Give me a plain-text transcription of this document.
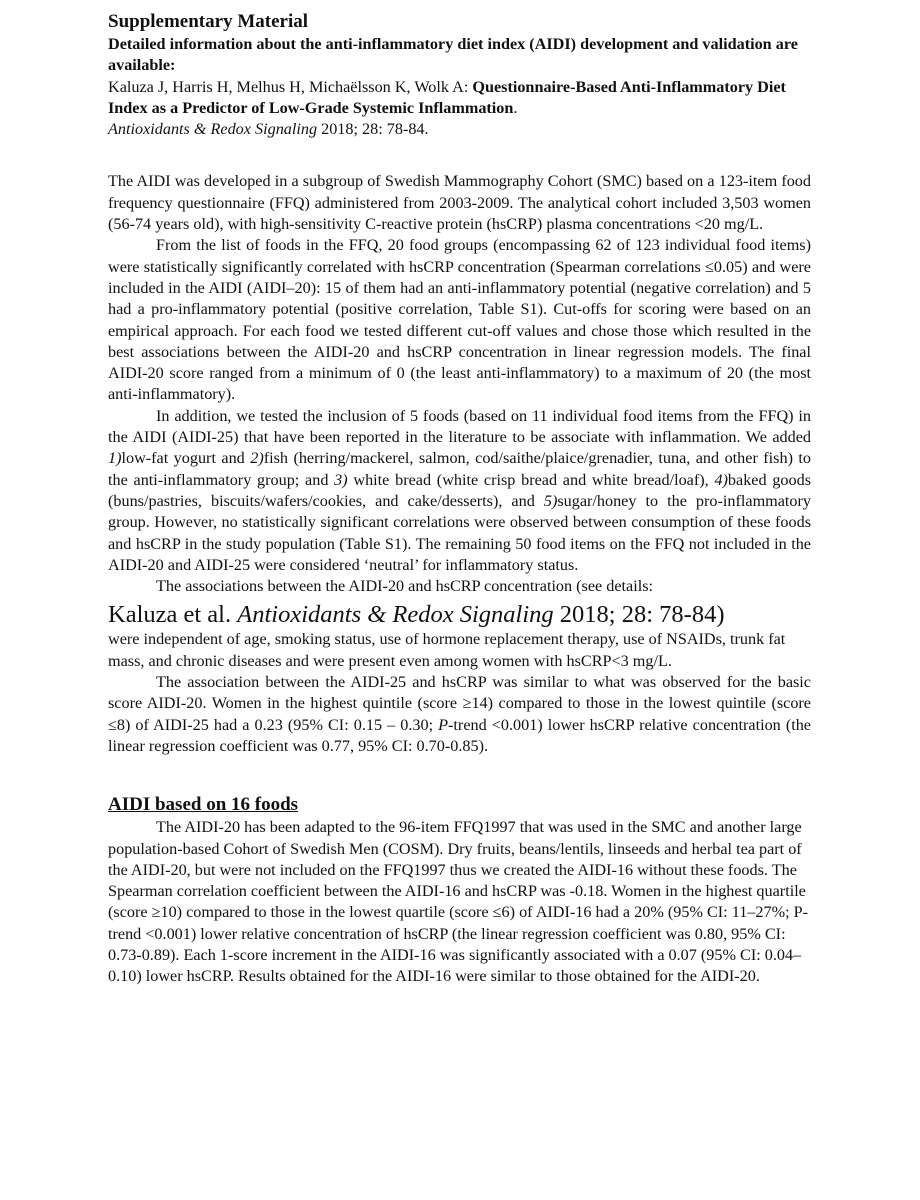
Supplementary Material

Detailed information about the anti-inflammatory diet index (AIDI) development and validation are available:

Kaluza J, Harris H, Melhus H, Michaëlsson K, Wolk A: Questionnaire-Based Anti-Inflammatory Diet Index as a Predictor of Low-Grade Systemic Inflammation.
Antioxidants & Redox Signaling 2018; 28: 78-84.

The AIDI was developed in a subgroup of Swedish Mammography Cohort (SMC) based on a 123-item food frequency questionnaire (FFQ) administered from 2003-2009. The analytical cohort included 3,503 women (56-74 years old), with high-sensitivity C-reactive protein (hsCRP) plasma concentrations <20 mg/L.

From the list of foods in the FFQ, 20 food groups (encompassing 62 of 123 individual food items) were statistically significantly correlated with hsCRP concentration (Spearman correlations ≤0.05) and were included in the AIDI (AIDI–20): 15 of them had an anti-inflammatory potential (negative correlation) and 5 had a pro-inflammatory potential (positive correlation, Table S1). Cut-offs for scoring were based on an empirical approach. For each food we tested different cut-off values and chose those which resulted in the best associations between the AIDI-20 and hsCRP concentration in linear regression models. The final AIDI-20 score ranged from a minimum of 0 (the least anti-inflammatory) to a maximum of 20 (the most anti-inflammatory).

In addition, we tested the inclusion of 5 foods (based on 11 individual food items from the FFQ) in the AIDI (AIDI-25) that have been reported in the literature to be associate with inflammation. We added 1)low-fat yogurt and 2)fish (herring/mackerel, salmon, cod/saithe/plaice/grenadier, tuna, and other fish) to the anti-inflammatory group; and 3) white bread (white crisp bread and white bread/loaf), 4)baked goods (buns/pastries, biscuits/wafers/cookies, and cake/desserts), and 5)sugar/honey to the pro-inflammatory group. However, no statistically significant correlations were observed between consumption of these foods and hsCRP in the study population (Table S1). The remaining 50 food items on the FFQ not included in the AIDI-20 and AIDI-25 were considered ‘neutral’ for inflammatory status.

The associations between the AIDI-20 and hsCRP concentration (see details:

Kaluza et al. Antioxidants & Redox Signaling 2018; 28: 78-84)

were independent of age, smoking status, use of hormone replacement therapy, use of NSAIDs, trunk fat mass, and chronic diseases and were present even among women with hsCRP<3 mg/L.

The association between the AIDI-25 and hsCRP was similar to what was observed for the basic score AIDI-20. Women in the highest quintile (score ≥14) compared to those in the lowest quintile (score ≤8) of AIDI-25 had a 0.23 (95% CI: 0.15 – 0.30; P-trend <0.001) lower hsCRP relative concentration (the linear regression coefficient was 0.77, 95% CI: 0.70-0.85).

AIDI based on 16 foods

The AIDI-20 has been adapted to the 96-item FFQ1997 that was used in the SMC and another large population-based Cohort of Swedish Men (COSM). Dry fruits, beans/lentils, linseeds and herbal tea part of the AIDI-20, but were not included on the FFQ1997 thus we created the AIDI-16 without these foods. The Spearman correlation coefficient between the AIDI-16 and hsCRP was -0.18. Women in the highest quartile (score ≥10) compared to those in the lowest quartile (score ≤6) of AIDI-16 had a 20% (95% CI: 11–27%; P-trend <0.001) lower relative concentration of hsCRP (the linear regression coefficient was 0.80, 95% CI: 0.73-0.89). Each 1-score increment in the AIDI-16 was significantly associated with a 0.07 (95% CI: 0.04–0.10) lower hsCRP. Results obtained for the AIDI-16 were similar to those obtained for the AIDI-20.
